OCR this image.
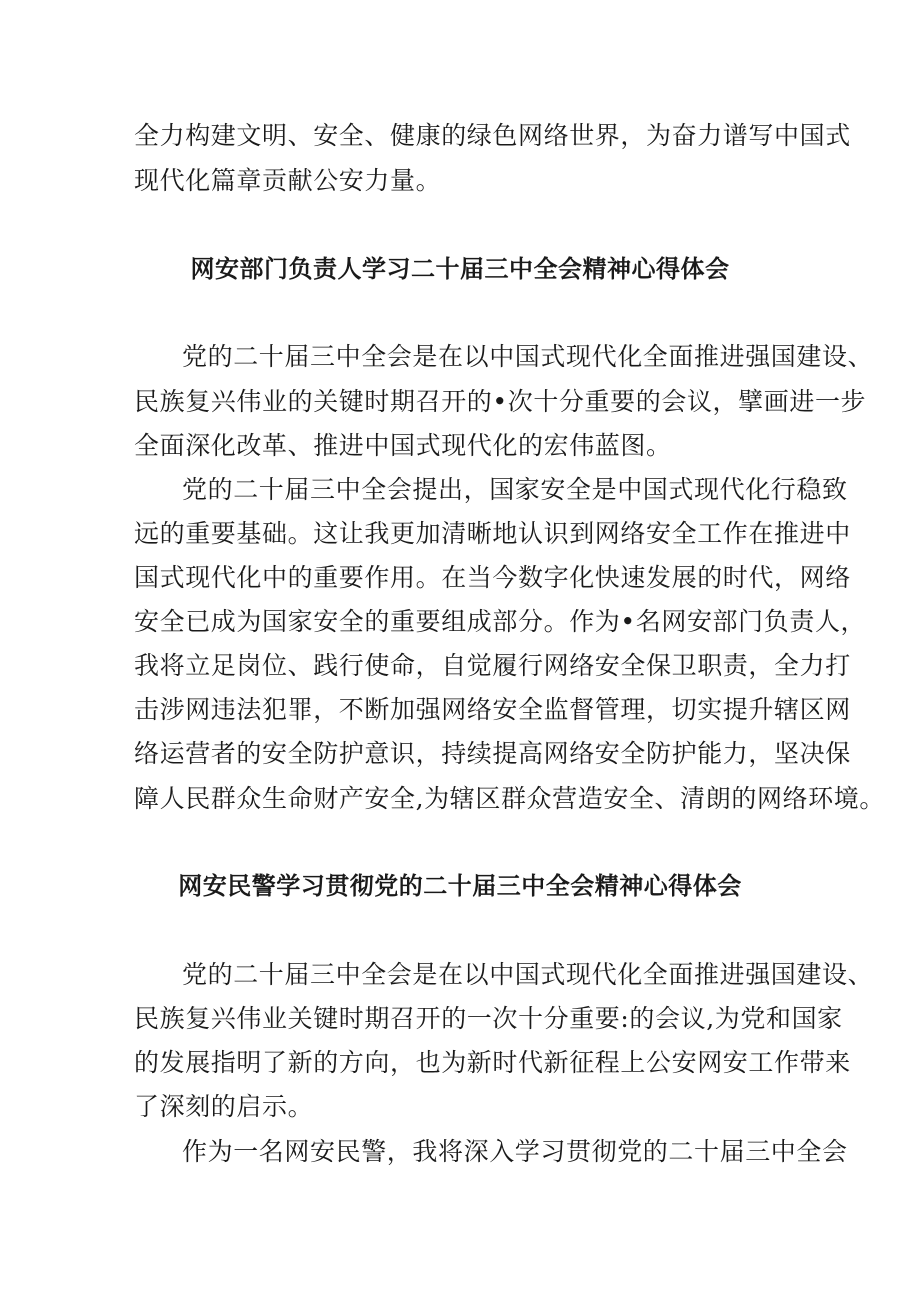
全力构建文明、安全、健康的绿色网络世界，为奋力谱写中国式
现代化篇章贡献公安力量。
网安部门负责人学习二十届三中全会精神心得体会
党的二十届三中全会是在以中国式现代化全面推进强国建设、
民族复兴伟业的关键时期召开的•次十分重要的会议，擘画进一步
全面深化改革、推进中国式现代化的宏伟蓝图。
党的二十届三中全会提出，国家安全是中国式现代化行稳致
远的重要基础。这让我更加清晰地认识到网络安全工作在推进中
国式现代化中的重要作用。在当今数字化快速发展的时代，网络
安全已成为国家安全的重要组成部分。作为•名网安部门负责人，
我将立足岗位、践行使命，自觉履行网络安全保卫职责，全力打
击涉网违法犯罪，不断加强网络安全监督管理，切实提升辖区网
络运营者的安全防护意识，持续提高网络安全防护能力，坚决保
障人民群众生命财产安全,为辖区群众营造安全、清朗的网络环境。
网安民警学习贯彻党的二十届三中全会精神心得体会
党的二十届三中全会是在以中国式现代化全面推进强国建设、
民族复兴伟业关键时期召开的一次十分重要:的会议,为党和国家
的发展指明了新的方向，也为新时代新征程上公安网安工作带来
了深刻的启示。
作为一名网安民警，我将深入学习贯彻党的二十届三中全会
